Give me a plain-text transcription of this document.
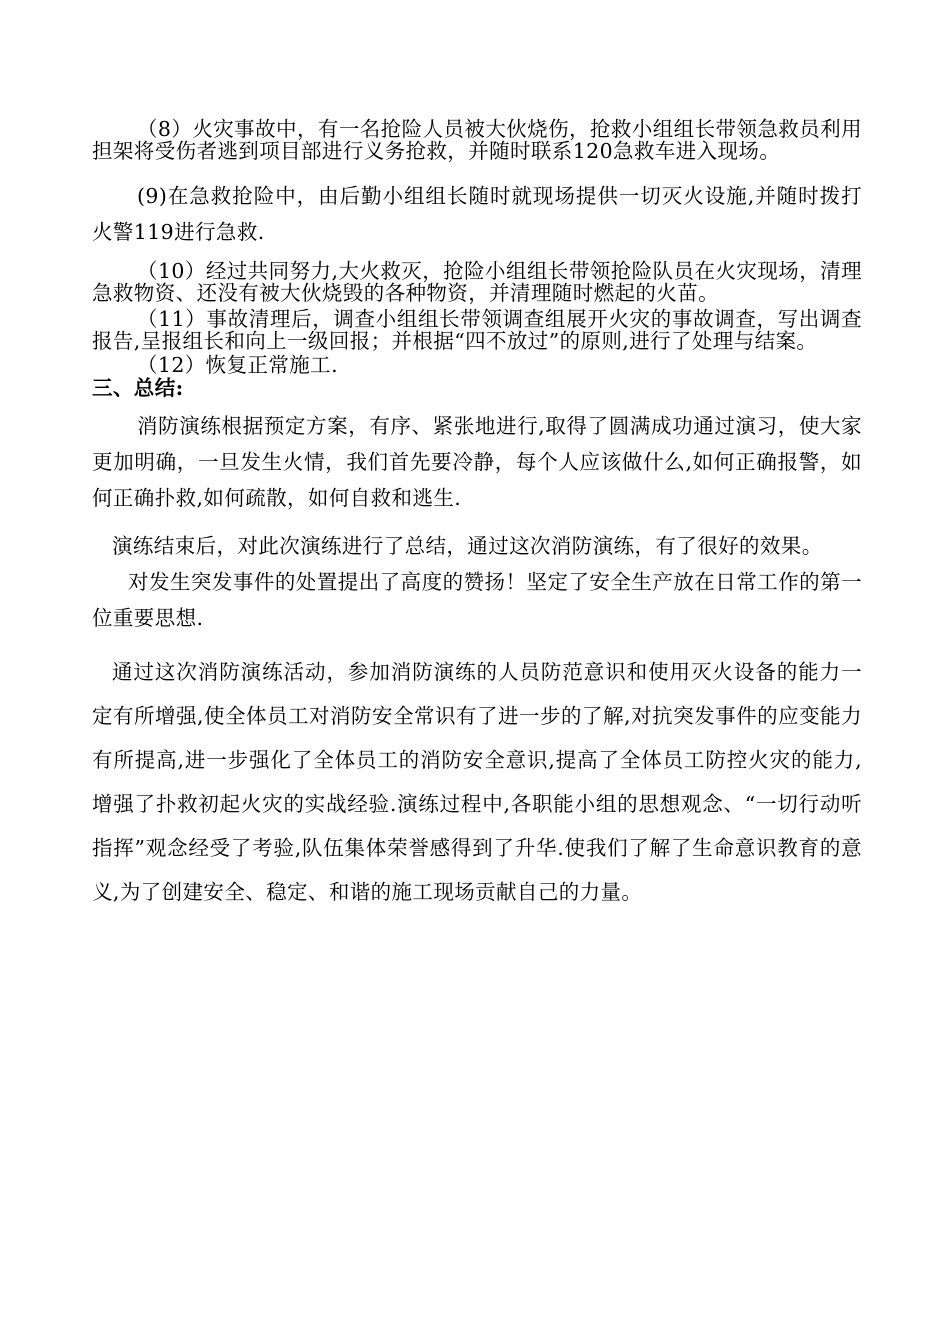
（8）火灾事故中，有一名抢险人员被大伙烧伤，抢救小组组长带领急救员利用担架将受伤者逃到项目部进行义务抢救，并随时联系120急救车进入现场。

(9)在急救抢险中，由后勤小组组长随时就现场提供一切灭火设施,并随时拨打火警119进行急救.

（10）经过共同努力,大火救灭，抢险小组组长带领抢险队员在火灾现场，清理急救物资、还没有被大伙烧毁的各种物资，并清理随时燃起的火苗。

（11）事故清理后，调查小组组长带领调查组展开火灾的事故调查，写出调查报告,呈报组长和向上一级回报；并根据“四不放过”的原则,进行了处理与结案。

（12）恢复正常施工.

三、总结:

消防演练根据预定方案，有序、紧张地进行,取得了圆满成功通过演习，使大家更加明确，一旦发生火情，我们首先要冷静，每个人应该做什么,如何正确报警，如何正确扑救,如何疏散，如何自救和逃生.

演练结束后，对此次演练进行了总结，通过这次消防演练，有了很好的效果。

对发生突发事件的处置提出了高度的赞扬！坚定了安全生产放在日常工作的第一位重要思想.

通过这次消防演练活动，参加消防演练的人员防范意识和使用灭火设备的能力一定有所增强,使全体员工对消防安全常识有了进一步的了解,对抗突发事件的应变能力有所提高,进一步强化了全体员工的消防安全意识,提高了全体员工防控火灾的能力,增强了扑救初起火灾的实战经验.演练过程中,各职能小组的思想观念、“一切行动听指挥”观念经受了考验,队伍集体荣誉感得到了升华.使我们了解了生命意识教育的意义,为了创建安全、稳定、和谐的施工现场贡献自己的力量。
